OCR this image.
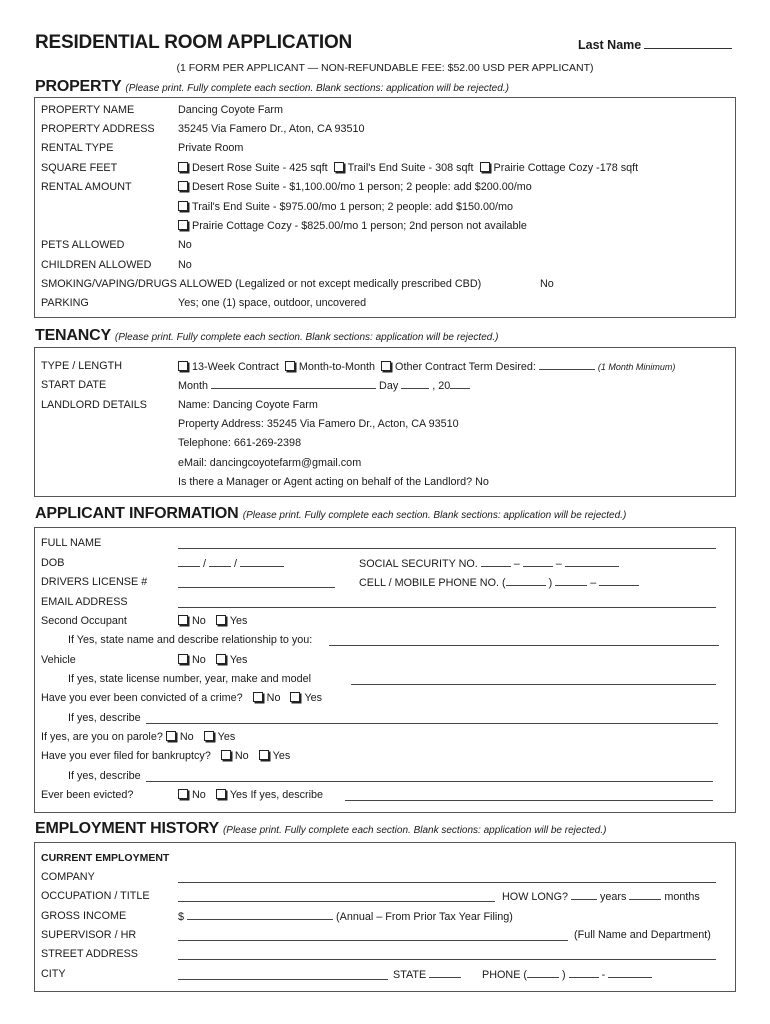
RESIDENTIAL ROOM APPLICATION	Last Name
(1 FORM PER APPLICANT — NON-REFUNDABLE FEE: $52.00 USD PER APPLICANT)
PROPERTY (Please print. Fully complete each section. Blank sections: application will be rejected.)
PROPERTY NAME	Dancing Coyote Farm
PROPERTY ADDRESS 35245 Via Famero Dr., Aton, CA 93510
RENTAL TYPE	Private Room
SQUARE FEET	Desert Rose Suite - 425 sqft Trail's End Suite - 308 sqft Prairie Cottage Cozy -178 sqft
RENTAL AMOUNT	Desert Rose Suite - $1,100.00/mo 1 person; 2 people: add $200.00/mo
Trail's End Suite - $975.00/mo 1 person; 2 people: add $150.00/mo
Prairie Cottage Cozy - $825.00/mo 1 person; 2nd person not available
PETS ALLOWED	No
CHILDREN ALLOWED No
SMOKING/VAPING/DRUGS ALLOWED (Legalized or not except medically prescribed CBD)	No
PARKING	Yes; one (1) space, outdoor, uncovered
TENANCY (Please print. Fully complete each section. Blank sections: application will be rejected.)
TYPE / LENGTH	13-Week Contract Month-to-Month Other Contract Term Desired:	(1 Month Minimum)
START DATE	Month	Day	, 20
LANDLORD DETAILS	Name: Dancing Coyote Farm
Property Address: 35245 Via Famero Dr., Acton, CA 93510
Telephone: 661-269-2398
eMail: dancingcoyotefarm@gmail.com
Is there a Manager or Agent acting on behalf of the Landlord? No
APPLICANT INFORMATION (Please print. Fully complete each section. Blank sections: application will be rejected.)
FULL NAME
DOB	/  /	SOCIAL SECURITY NO.	–	–
DRIVERS LICENSE #	CELL / MOBILE PHONE NO. (	)	–
EMAIL ADDRESS
Second Occupant	No Yes
If Yes, state name and describe relationship to you:
Vehicle	No Yes
If yes, state license number, year, make and model
Have you ever been convicted of a crime? No Yes
If yes, describe
If yes, are you on parole? No Yes
Have you ever filed for bankruptcy? No Yes
If yes, describe
Ever been evicted?	No Yes If yes, describe
EMPLOYMENT HISTORY (Please print. Fully complete each section. Blank sections: application will be rejected.)
CURRENT EMPLOYMENT
COMPANY
OCCUPATION / TITLE	HOW LONG?	years	months
GROSS INCOME	$	(Annual – From Prior Tax Year Filing)
SUPERVISOR / HR	(Full Name and Department)
STREET ADDRESS
CITY	STATE	PHONE (	)	-
